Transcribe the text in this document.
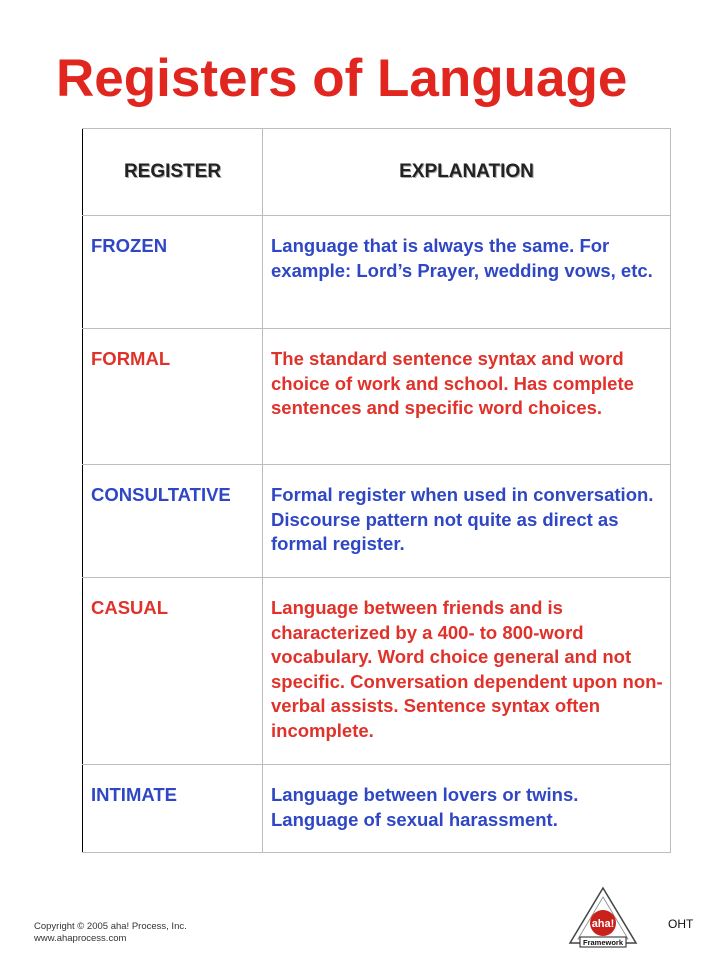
Registers of Language
REGISTER	EXPLANATION
FROZEN	Language that is always the same. For example: Lord’s Prayer, wedding vows, etc.
FORMAL	The standard sentence syntax and word choice of work and school. Has complete sentences and specific word choices.
CONSULTATIVE	Formal register when used in conversation. Discourse pattern not quite as direct as formal register.
CASUAL	Language between friends and is characterized by a 400- to 800-word vocabulary. Word choice general and not specific. Conversation dependent upon non-verbal assists. Sentence syntax often incomplete.
INTIMATE	Language between lovers or twins. Language of sexual harassment.
Copyright © 2005 aha! Process, Inc.
www.ahaprocess.com
aha!
Framework
OHT
